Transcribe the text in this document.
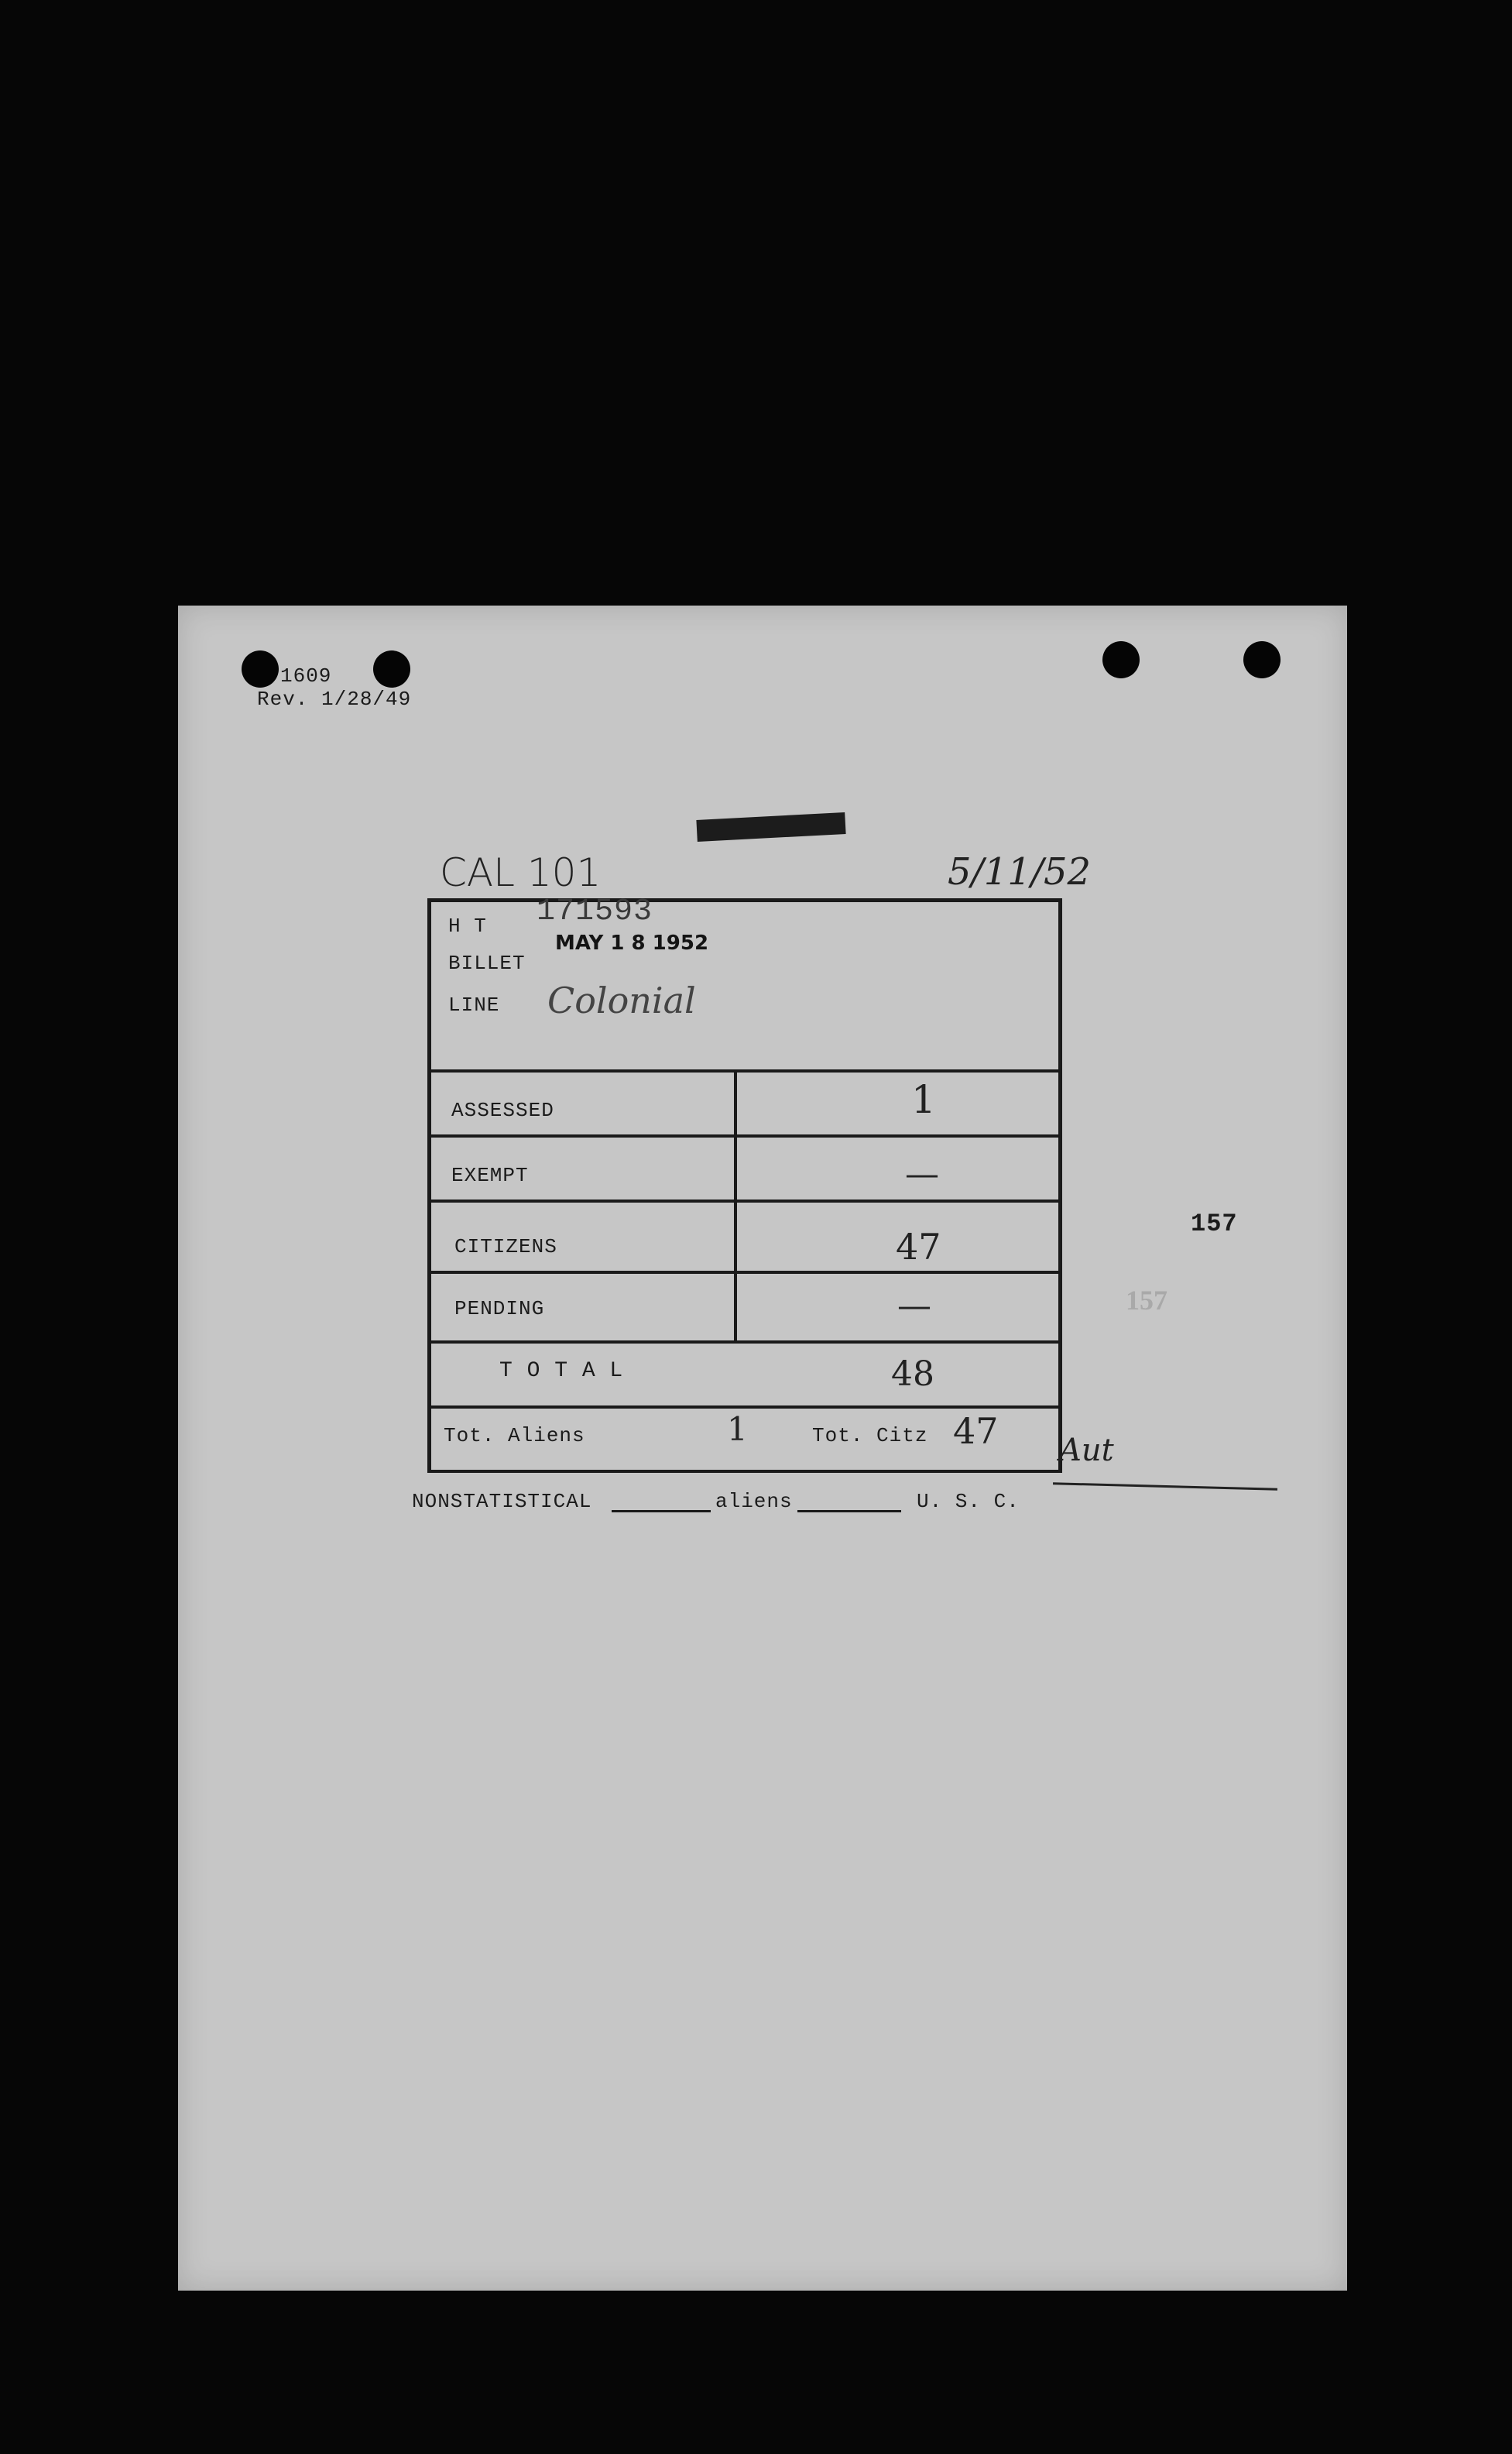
1609
Rev. 1/28/49
CAL 101	5/11/52
H T 171593
BILLET
MAY 1 8 1952
LINE Colonial
ASSESSED	1
EXEMPT	—
CITIZENS	47
PENDING	—
T O T A L	48
Tot. Aliens	1	Tot. Citz 47 Aut
NONSTATISTICAL	aliens	U. S. C.
157
157
